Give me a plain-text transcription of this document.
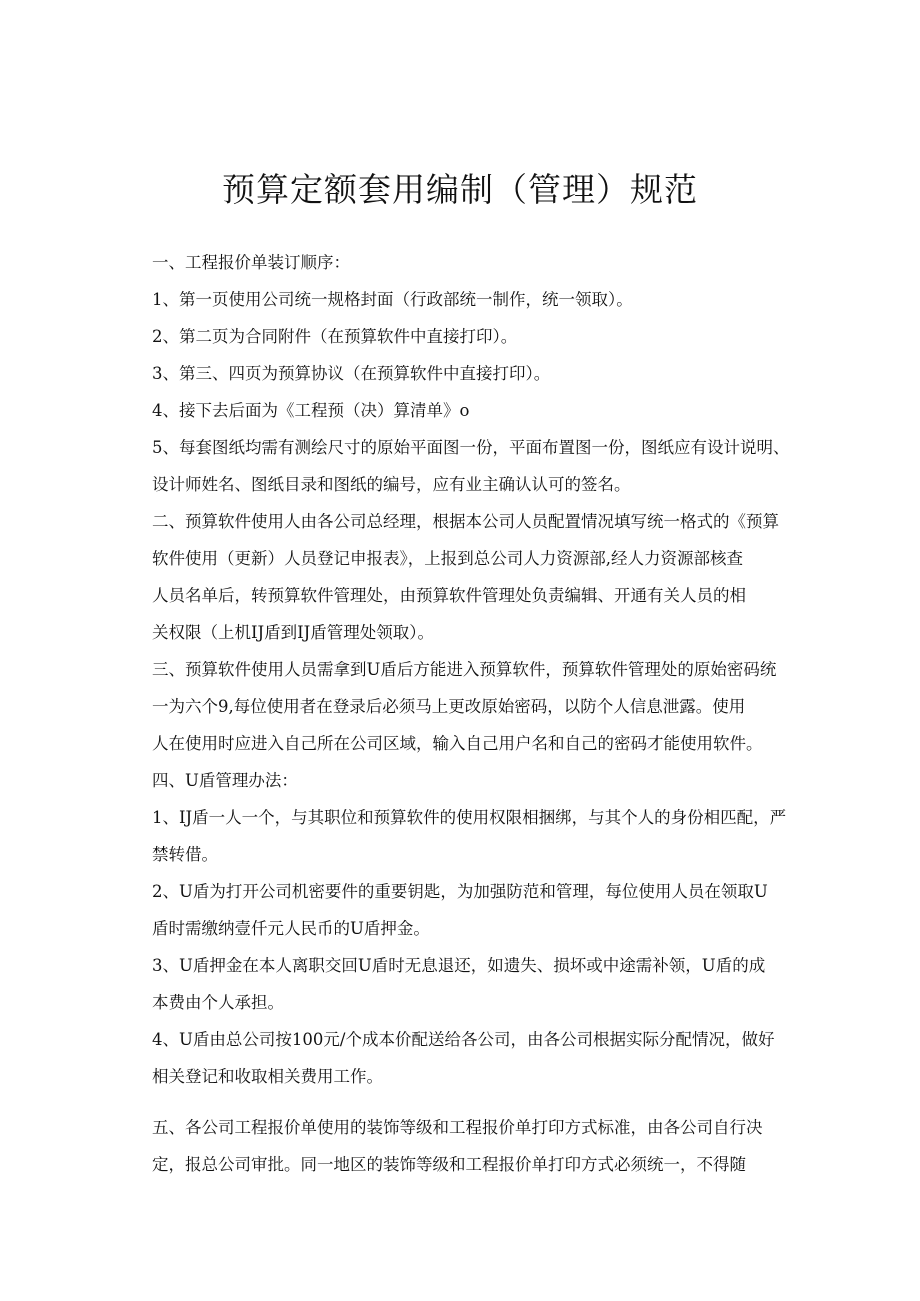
预算定额套用编制（管理）规范

一、工程报价单装订顺序：

1、第一页使用公司统一规格封面（行政部统一制作，统一领取）。

2、第二页为合同附件（在预算软件中直接打印）。

3、第三、四页为预算协议（在预算软件中直接打印）。

4、接下去后面为《工程预（决）算清单》o

5、每套图纸均需有测绘尺寸的原始平面图一份，平面布置图一份，图纸应有设计说明、
设计师姓名、图纸目录和图纸的编号，应有业主确认认可的签名。

二、预算软件使用人由各公司总经理，根据本公司人员配置情况填写统一格式的《预算
软件使用（更新）人员登记申报表》，上报到总公司人力资源部,经人力资源部核查
人员名单后，转预算软件管理处，由预算软件管理处负责编辑、开通有关人员的相
关权限（上机IJ盾到IJ盾管理处领取）。

三、预算软件使用人员需拿到U盾后方能进入预算软件，预算软件管理处的原始密码统
一为六个9,每位使用者在登录后必须马上更改原始密码，以防个人信息泄露。使用
人在使用时应进入自己所在公司区域，输入自己用户名和自己的密码才能使用软件。

四、U盾管理办法：

1、IJ盾一人一个，与其职位和预算软件的使用权限相捆绑，与其个人的身份相匹配，严
禁转借。

2、U盾为打开公司机密要件的重要钥匙，为加强防范和管理，每位使用人员在领取U
盾时需缴纳壹仟元人民币的U盾押金。

3、U盾押金在本人离职交回U盾时无息退还，如遗失、损坏或中途需补领，U盾的成
本费由个人承担。

4、U盾由总公司按100元/个成本价配送给各公司，由各公司根据实际分配情况，做好
相关登记和收取相关费用工作。

五、各公司工程报价单使用的装饰等级和工程报价单打印方式标准，由各公司自行决
定，报总公司审批。同一地区的装饰等级和工程报价单打印方式必须统一，不得随
